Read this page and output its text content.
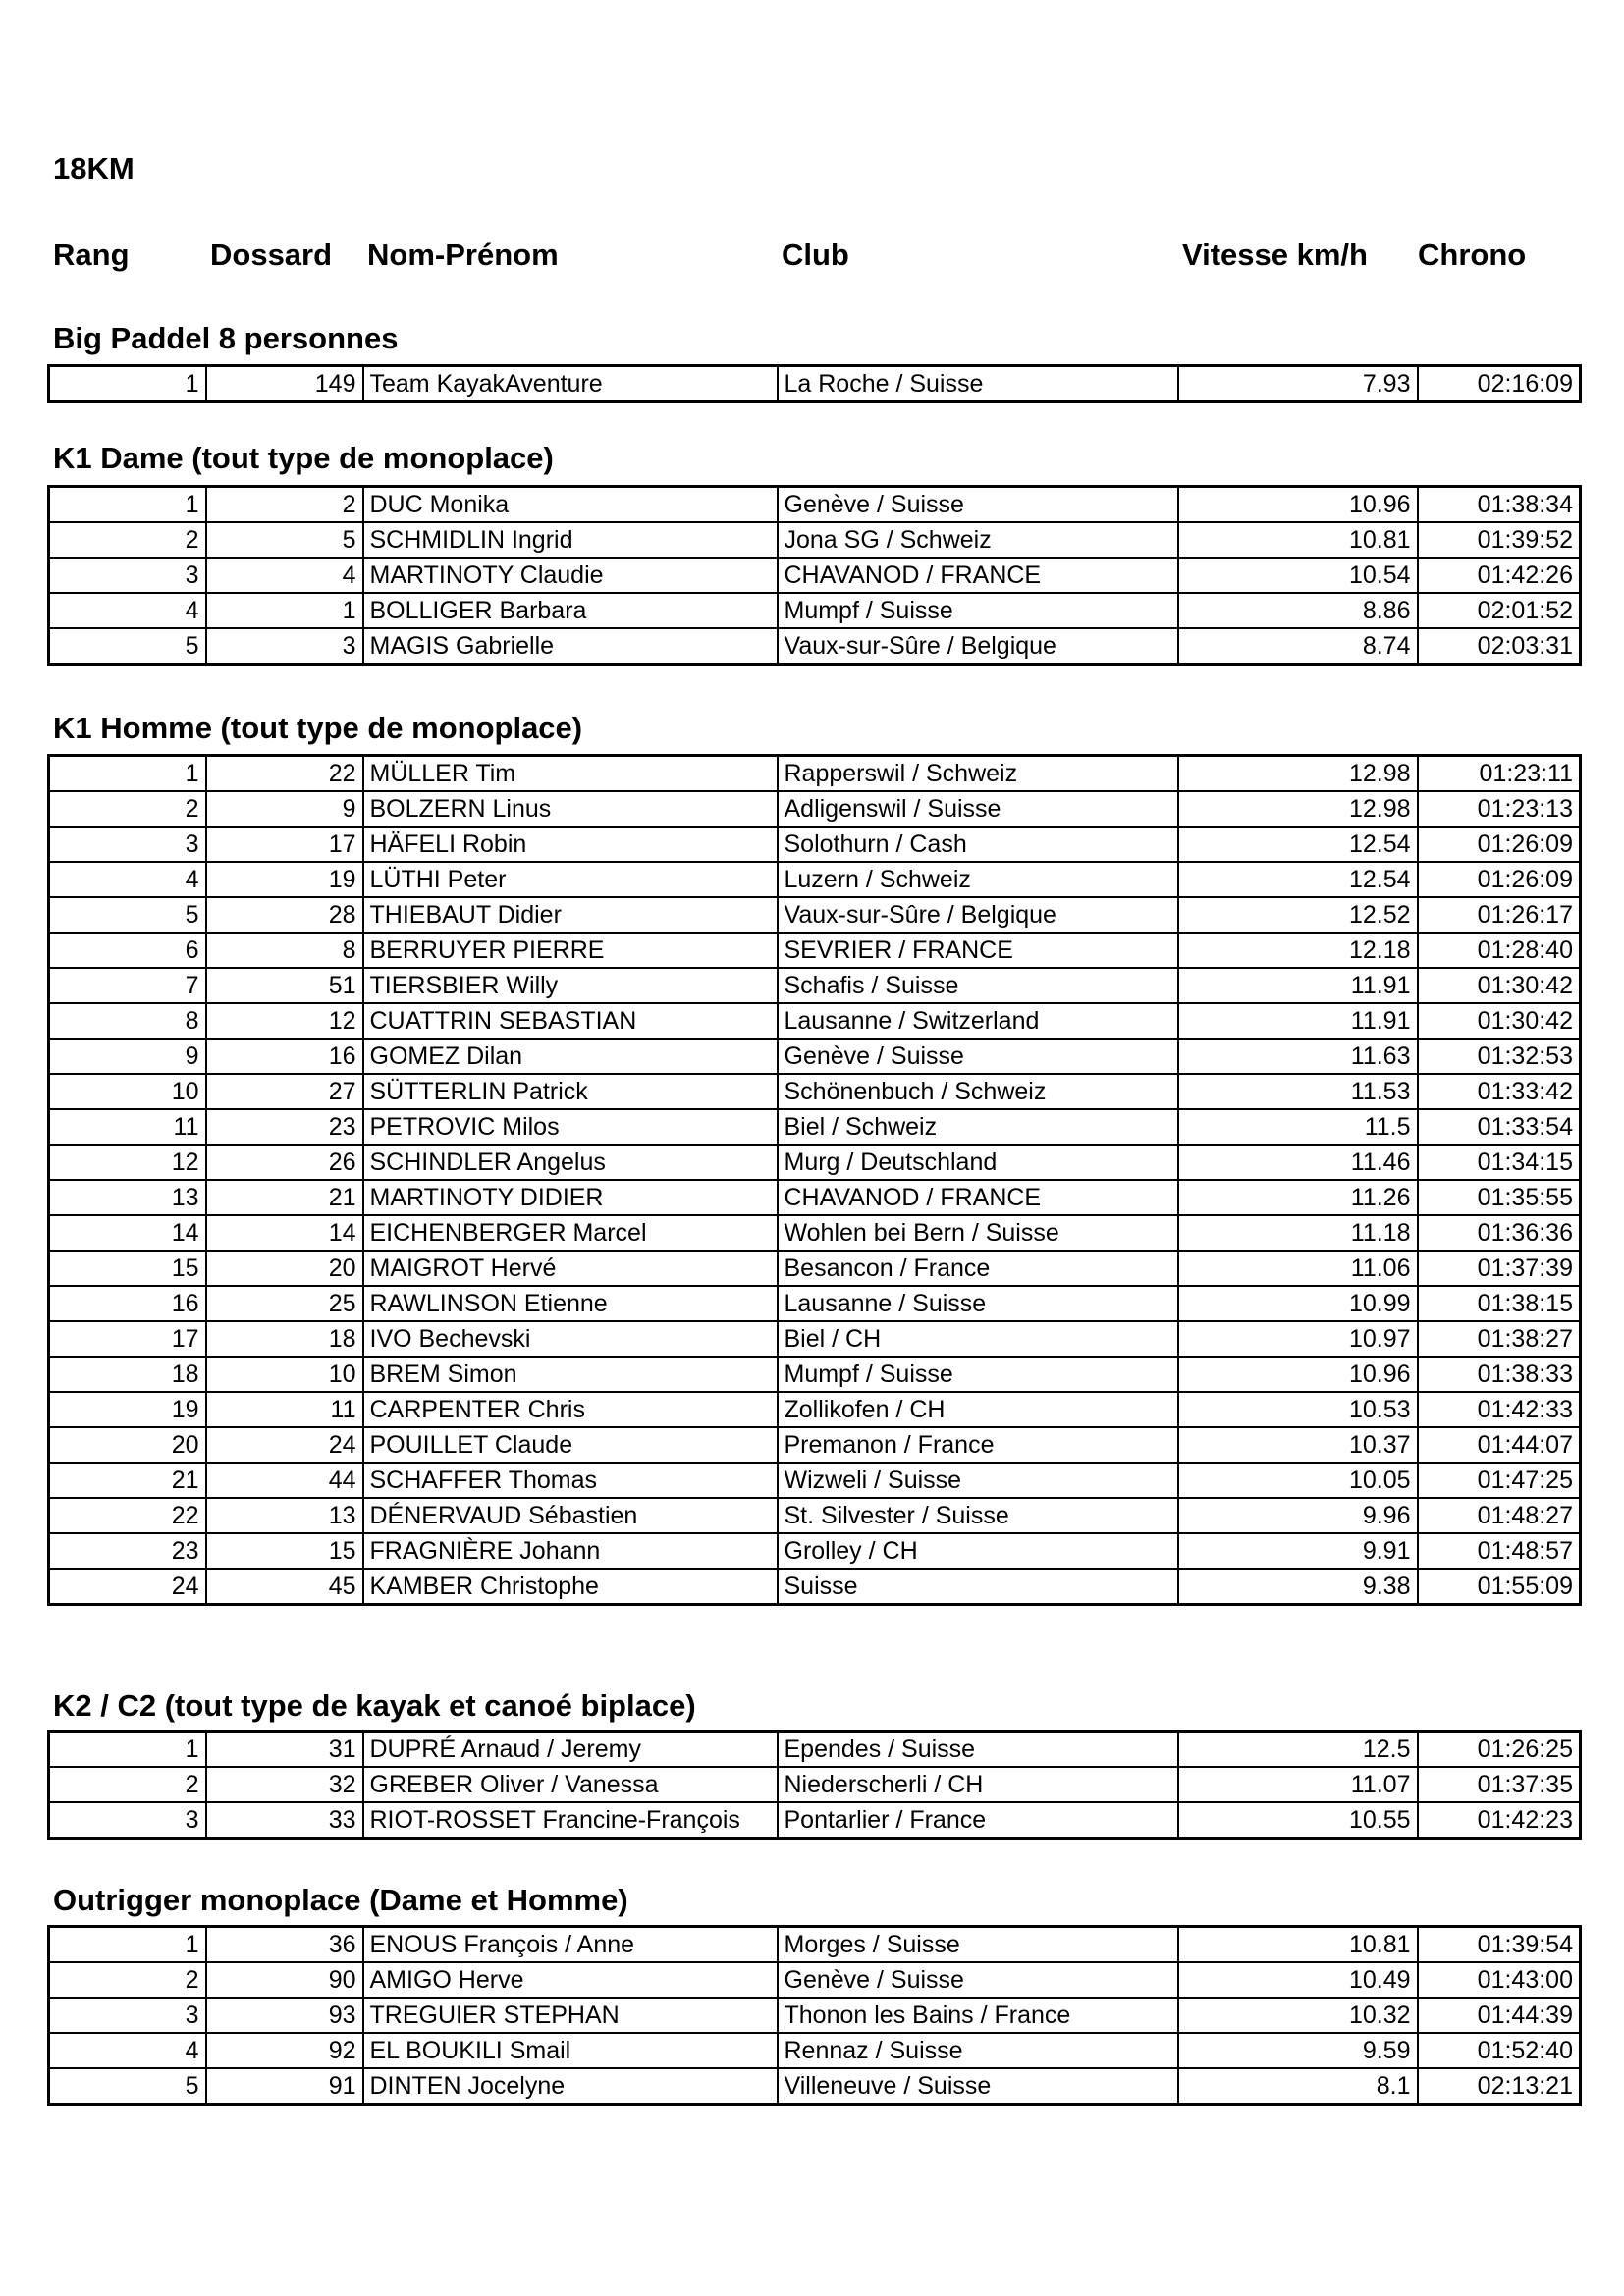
18KM
Rang	Dossard Nom-Prénom	Club	Vitesse km/h Chrono
Big Paddel 8 personnes
1	149	Team KayakAventure	La Roche / Suisse	7.93	02:16:09
K1 Dame (tout type de monoplace)
1	2	DUC Monika	Genève / Suisse	10.96	01:38:34
2	5	SCHMIDLIN Ingrid	Jona SG / Schweiz	10.81	01:39:52
3	4	MARTINOTY Claudie	CHAVANOD / FRANCE	10.54	01:42:26
4	1	BOLLIGER Barbara	Mumpf / Suisse	8.86	02:01:52
5	3	MAGIS Gabrielle	Vaux-sur-Sûre / Belgique	8.74	02:03:31
K1 Homme (tout type de monoplace)
1	22	MÜLLER Tim	Rapperswil / Schweiz	12.98	01:23:11
2	9	BOLZERN Linus	Adligenswil / Suisse	12.98	01:23:13
3	17	HÄFELI Robin	Solothurn / Cash	12.54	01:26:09
4	19	LÜTHI Peter	Luzern / Schweiz	12.54	01:26:09
5	28	THIEBAUT Didier	Vaux-sur-Sûre / Belgique	12.52	01:26:17
6	8	BERRUYER PIERRE	SEVRIER / FRANCE	12.18	01:28:40
7	51	TIERSBIER Willy	Schafis / Suisse	11.91	01:30:42
8	12	CUATTRIN SEBASTIAN	Lausanne / Switzerland	11.91	01:30:42
9	16	GOMEZ Dilan	Genève / Suisse	11.63	01:32:53
10	27	SÜTTERLIN Patrick	Schönenbuch / Schweiz	11.53	01:33:42
11	23	PETROVIC Milos	Biel / Schweiz	11.5	01:33:54
12	26	SCHINDLER Angelus	Murg / Deutschland	11.46	01:34:15
13	21	MARTINOTY DIDIER	CHAVANOD / FRANCE	11.26	01:35:55
14	14	EICHENBERGER Marcel	Wohlen bei Bern / Suisse	11.18	01:36:36
15	20	MAIGROT Hervé	Besancon / France	11.06	01:37:39
16	25	RAWLINSON Etienne	Lausanne / Suisse	10.99	01:38:15
17	18	IVO Bechevski	Biel / CH	10.97	01:38:27
18	10	BREM Simon	Mumpf / Suisse	10.96	01:38:33
19	11	CARPENTER Chris	Zollikofen / CH	10.53	01:42:33
20	24	POUILLET Claude	Premanon / France	10.37	01:44:07
21	44	SCHAFFER Thomas	Wizweli / Suisse	10.05	01:47:25
22	13	DÉNERVAUD Sébastien	St. Silvester / Suisse	9.96	01:48:27
23	15	FRAGNIÈRE Johann	Grolley / CH	9.91	01:48:57
24	45	KAMBER Christophe	Suisse	9.38	01:55:09
K2 / C2 (tout type de kayak et canoé biplace)
1	31	DUPRÉ Arnaud / Jeremy	Ependes / Suisse	12.5	01:26:25
2	32	GREBER Oliver / Vanessa	Niederscherli / CH	11.07	01:37:35
3	33	RIOT-ROSSET Francine-François	Pontarlier / France	10.55	01:42:23
Outrigger monoplace (Dame et Homme)
1	36	ENOUS François / Anne	Morges / Suisse	10.81	01:39:54
2	90	AMIGO Herve	Genève / Suisse	10.49	01:43:00
3	93	TREGUIER STEPHAN	Thonon les Bains / France	10.32	01:44:39
4	92	EL BOUKILI Smail	Rennaz / Suisse	9.59	01:52:40
5	91	DINTEN Jocelyne	Villeneuve / Suisse	8.1	02:13:21
